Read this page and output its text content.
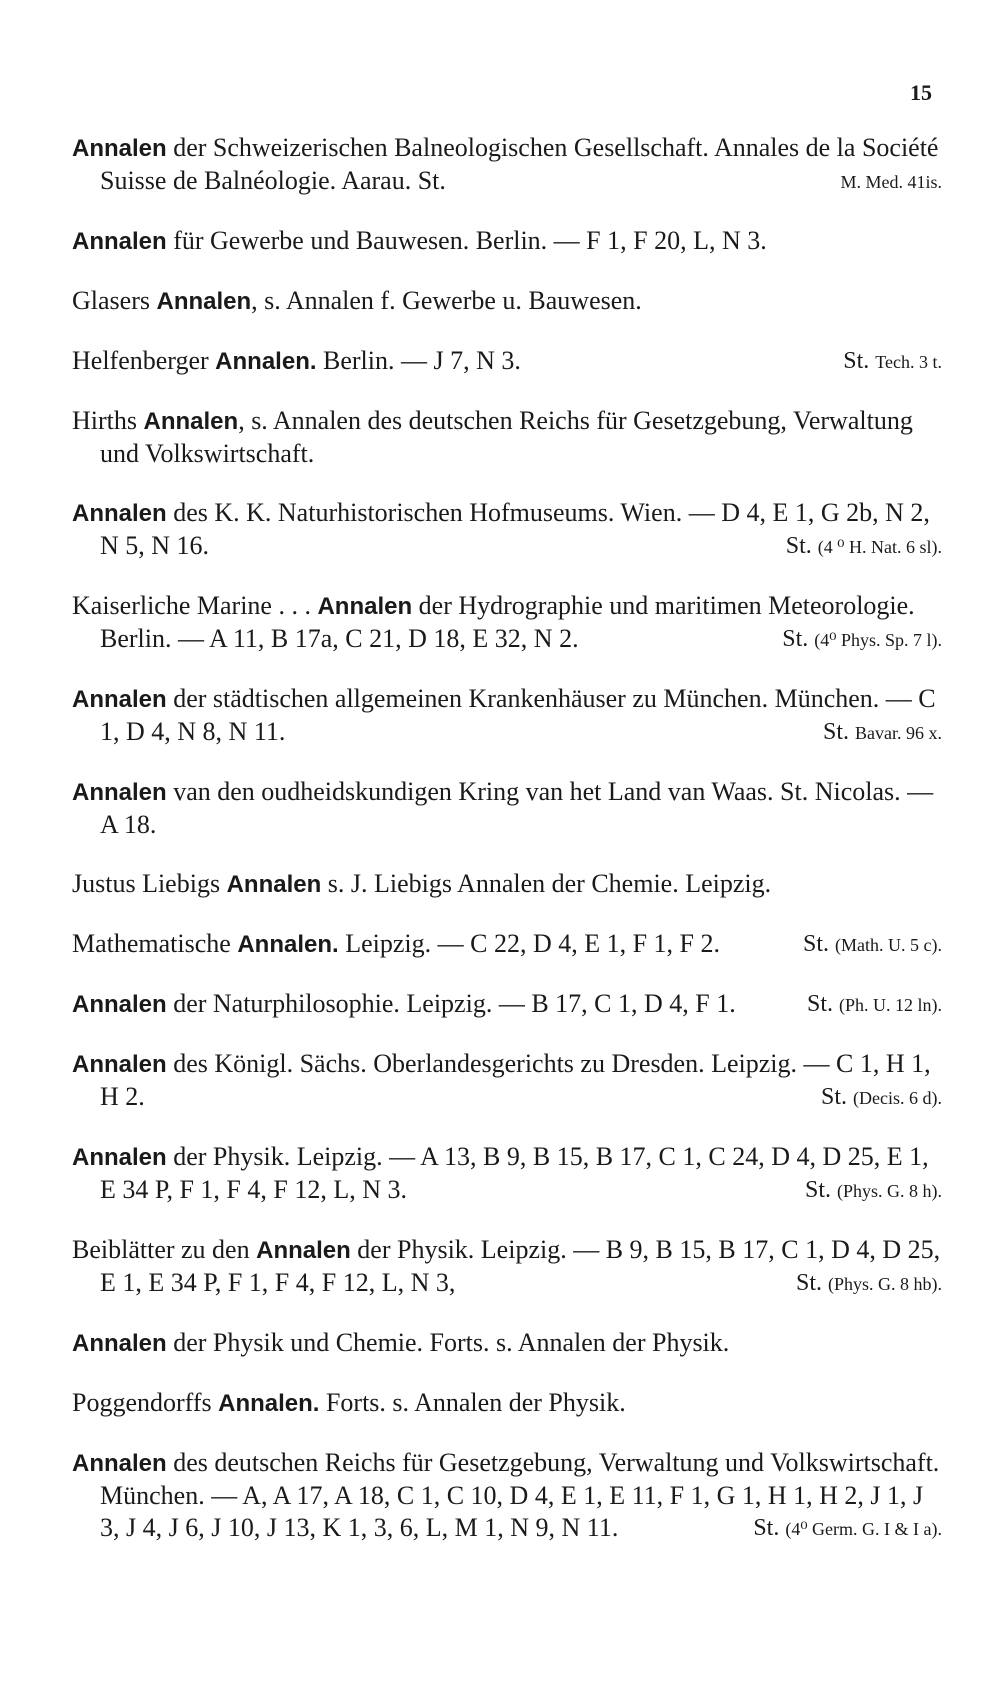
15
Annalen der Schweizerischen Balneologischen Gesellschaft. Annales de la Société Suisse de Balnéologie. Aarau. St.	M. Med. 41is.
Annalen für Gewerbe und Bauwesen. Berlin. — F 1, F 20, L, N 3.
Glasers Annalen, s. Annalen f. Gewerbe u. Bauwesen.
Helfenberger Annalen. Berlin. — J 7, N 3.	St. Tech. 3 t.
Hirths Annalen, s. Annalen des deutschen Reichs für Gesetzgebung, Verwaltung und Volkswirtschaft.
Annalen des K. K. Naturhistorischen Hofmuseums. Wien. — D 4, E 1, G 2b, N 2, N 5, N 16.	St. (4 ⁰ H. Nat. 6 sl).
Kaiserliche Marine . . . Annalen der Hydrographie und maritimen Meteorologie. Berlin. — A 11, B 17a, C 21, D 18, E 32, N 2.	St. (4⁰ Phys. Sp. 7 l).
Annalen der städtischen allgemeinen Krankenhäuser zu München. München. — C 1, D 4, N 8, N 11.	St. Bavar. 96 x.
Annalen van den oudheidskundigen Kring van het Land van Waas. St. Nicolas. — A 18.
Justus Liebigs Annalen s. J. Liebigs Annalen der Chemie. Leipzig.
Mathematische Annalen. Leipzig. — C 22, D 4, E 1, F 1, F 2.	St. (Math. U. 5 c).
Annalen der Naturphilosophie. Leipzig. — B 17, C 1, D 4, F 1.	St. (Ph. U. 12 ln).
Annalen des Königl. Sächs. Oberlandesgerichts zu Dresden. Leipzig. — C 1, H 1, H 2.	St. (Decis. 6 d).
Annalen der Physik. Leipzig. — A 13, B 9, B 15, B 17, C 1, C 24, D 4, D 25, E 1, E 34 P, F 1, F 4, F 12, L, N 3.	St. (Phys. G. 8 h).
Beiblätter zu den Annalen der Physik. Leipzig. — B 9, B 15, B 17, C 1, D 4, D 25, E 1, E 34 P, F 1, F 4, F 12, L, N 3,	St. (Phys. G. 8 hb).
Annalen der Physik und Chemie. Forts. s. Annalen der Physik.
Poggendorffs Annalen. Forts. s. Annalen der Physik.
Annalen des deutschen Reichs für Gesetzgebung, Verwaltung und Volkswirtschaft. München. — A, A 17, A 18, C 1, C 10, D 4, E 1, E 11, F 1, G 1, H 1, H 2, J 1, J 3, J 4, J 6, J 10, J 13, K 1, 3, 6, L, M 1, N 9, N 11.	St. (4⁰ Germ. G. I & I a).
